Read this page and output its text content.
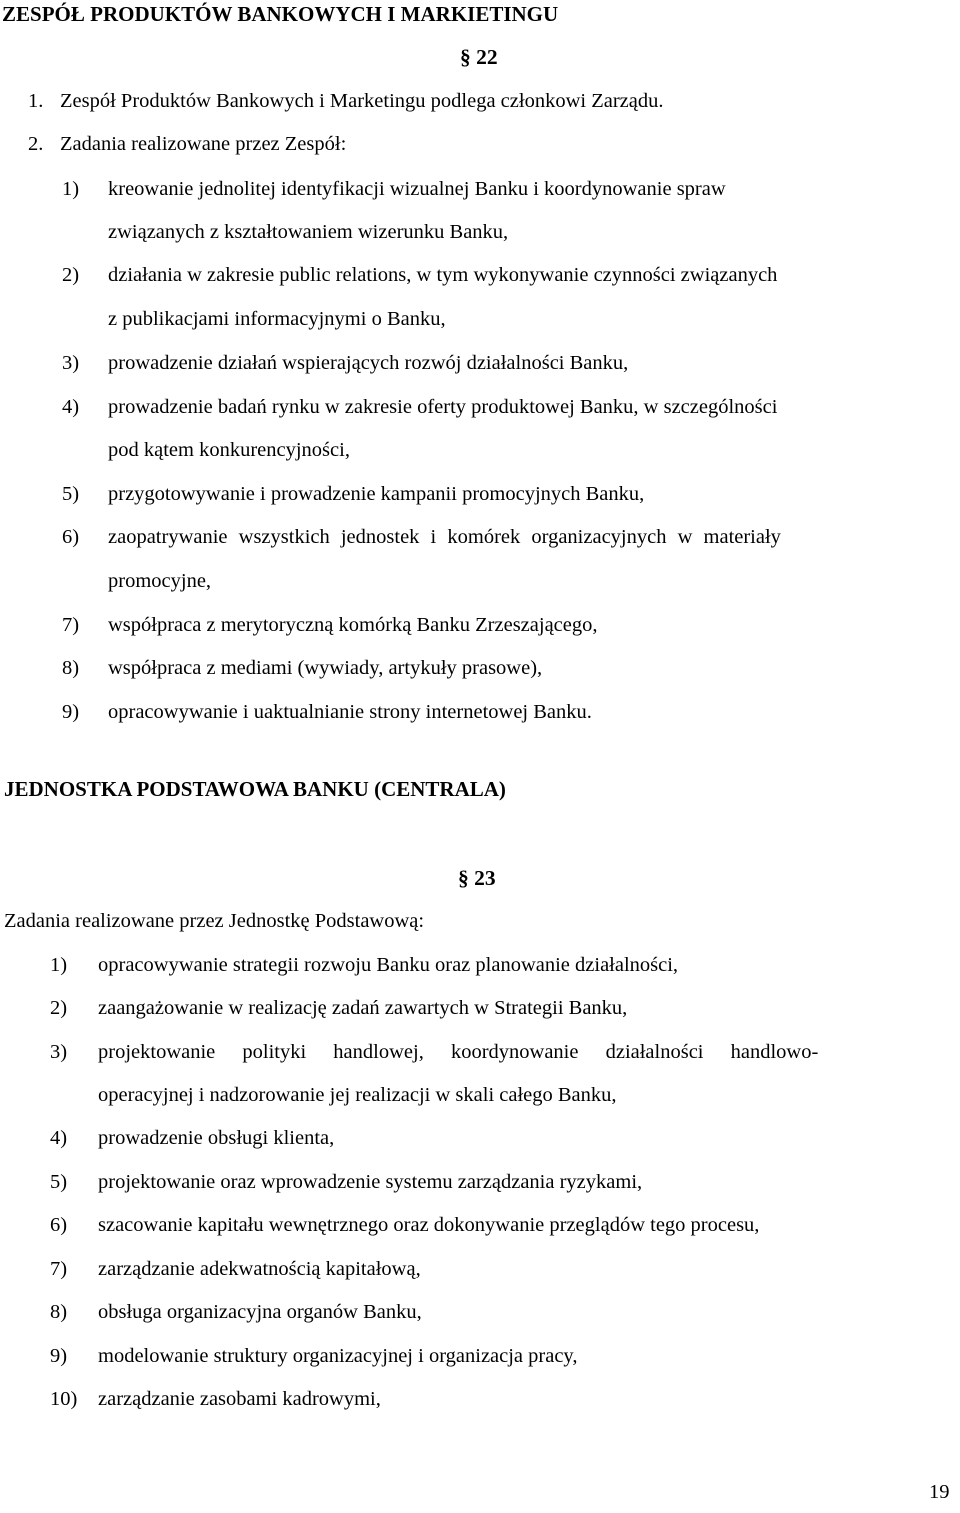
ZESPÓŁ PRODUKTÓW BANKOWYCH I MARKIETINGU
§ 22
1. Zespół Produktów Bankowych i Marketingu podlega członkowi Zarządu.
2. Zadania realizowane przez Zespół:
1) kreowanie jednolitej identyfikacji wizualnej Banku i koordynowanie spraw
związanych z kształtowaniem wizerunku Banku,
2) działania w zakresie public relations, w tym wykonywanie czynności związanych
z publikacjami informacyjnymi o Banku,
3) prowadzenie działań wspierających rozwój działalności Banku,
4) prowadzenie badań rynku w zakresie oferty produktowej Banku, w szczególności
pod kątem konkurencyjności,
5) przygotowywanie i prowadzenie kampanii promocyjnych Banku,
6) zaopatrywanie wszystkich jednostek i komórek organizacyjnych w materiały
promocyjne,
7) współpraca z merytoryczną komórką Banku Zrzeszającego,
8) współpraca z mediami (wywiady, artykuły prasowe),
9) opracowywanie i uaktualnianie strony internetowej Banku.
JEDNOSTKA PODSTAWOWA BANKU (CENTRALA)
§ 23
Zadania realizowane przez Jednostkę Podstawową:
1) opracowywanie strategii rozwoju Banku oraz planowanie działalności,
2) zaangażowanie w realizację zadań zawartych w Strategii Banku,
3) projektowanie polityki handlowej, koordynowanie działalności handlowo-
operacyjnej i nadzorowanie jej realizacji w skali całego Banku,
4) prowadzenie obsługi klienta,
5) projektowanie oraz wprowadzenie systemu zarządzania ryzykami,
6) szacowanie kapitału wewnętrznego oraz dokonywanie przeglądów tego procesu,
7) zarządzanie adekwatnością kapitałową,
8) obsługa organizacyjna organów Banku,
9) modelowanie struktury organizacyjnej i organizacja pracy,
10) zarządzanie zasobami kadrowymi,
19
